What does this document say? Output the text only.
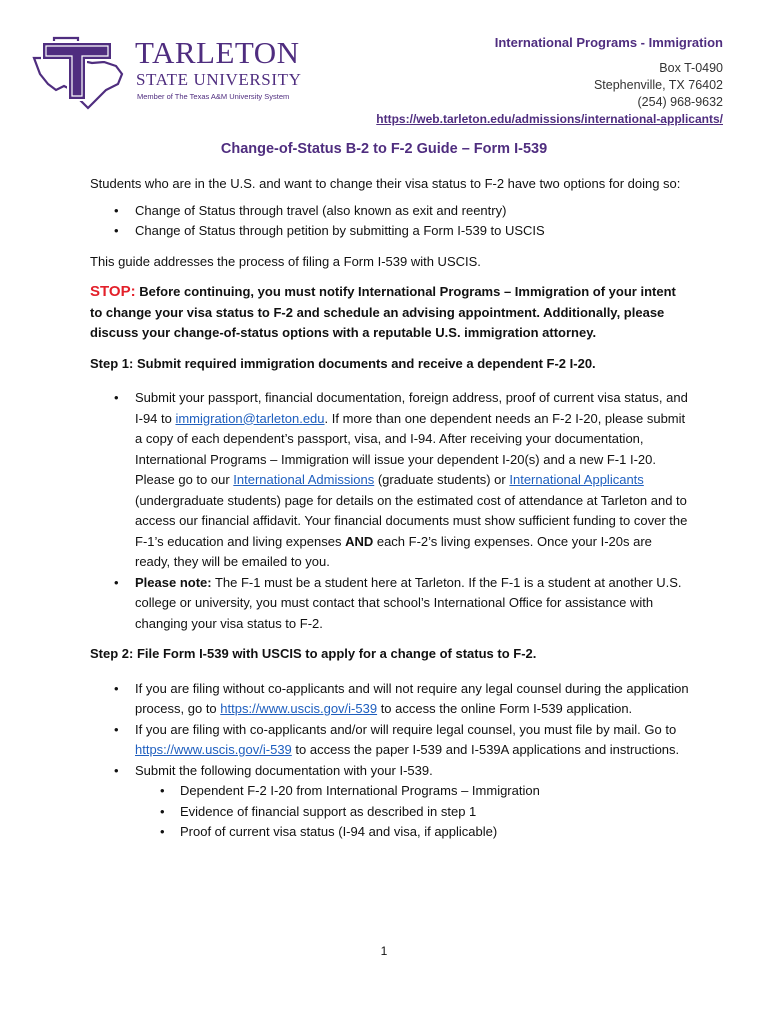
TARLETON
STATE UNIVERSITY
Member of The Texas A&M University System
International Programs - Immigration
Box T-0490
Stephenville, TX 76402
(254) 968-9632
https://web.tarleton.edu/admissions/international-applicants/
Change-of-Status B-2 to F-2 Guide – Form I-539

Students who are in the U.S. and want to change their visa status to F-2 have two options for doing so:

• Change of Status through travel (also known as exit and reentry)
• Change of Status through petition by submitting a Form I-539 to USCIS

This guide addresses the process of filing a Form I-539 with USCIS.

STOP: Before continuing, you must notify International Programs – Immigration of your intent to change your visa status to F-2 and schedule an advising appointment. Additionally, please discuss your change-of-status options with a reputable U.S. immigration attorney.

Step 1: Submit required immigration documents and receive a dependent F-2 I-20.

• Submit your passport, financial documentation, foreign address, proof of current visa status, and I-94 to immigration@tarleton.edu. If more than one dependent needs an F-2 I-20, please submit a copy of each dependent’s passport, visa, and I-94. After receiving your documentation, International Programs – Immigration will issue your dependent I-20(s) and a new F-1 I-20. Please go to our International Admissions (graduate students) or International Applicants (undergraduate students) page for details on the estimated cost of attendance at Tarleton and to access our financial affidavit. Your financial documents must show sufficient funding to cover the F-1’s education and living expenses AND each F-2’s living expenses. Once your I-20s are ready, they will be emailed to you.
• Please note: The F-1 must be a student here at Tarleton. If the F-1 is a student at another U.S. college or university, you must contact that school’s International Office for assistance with changing your visa status to F-2.

Step 2: File Form I-539 with USCIS to apply for a change of status to F-2.

• If you are filing without co-applicants and will not require any legal counsel during the application process, go to https://www.uscis.gov/i-539 to access the online Form I-539 application.
• If you are filing with co-applicants and/or will require legal counsel, you must file by mail. Go to https://www.uscis.gov/i-539 to access the paper I-539 and I-539A applications and instructions.
• Submit the following documentation with your I-539.
• Dependent F-2 I-20 from International Programs – Immigration
• Evidence of financial support as described in step 1
• Proof of current visa status (I-94 and visa, if applicable)
1
